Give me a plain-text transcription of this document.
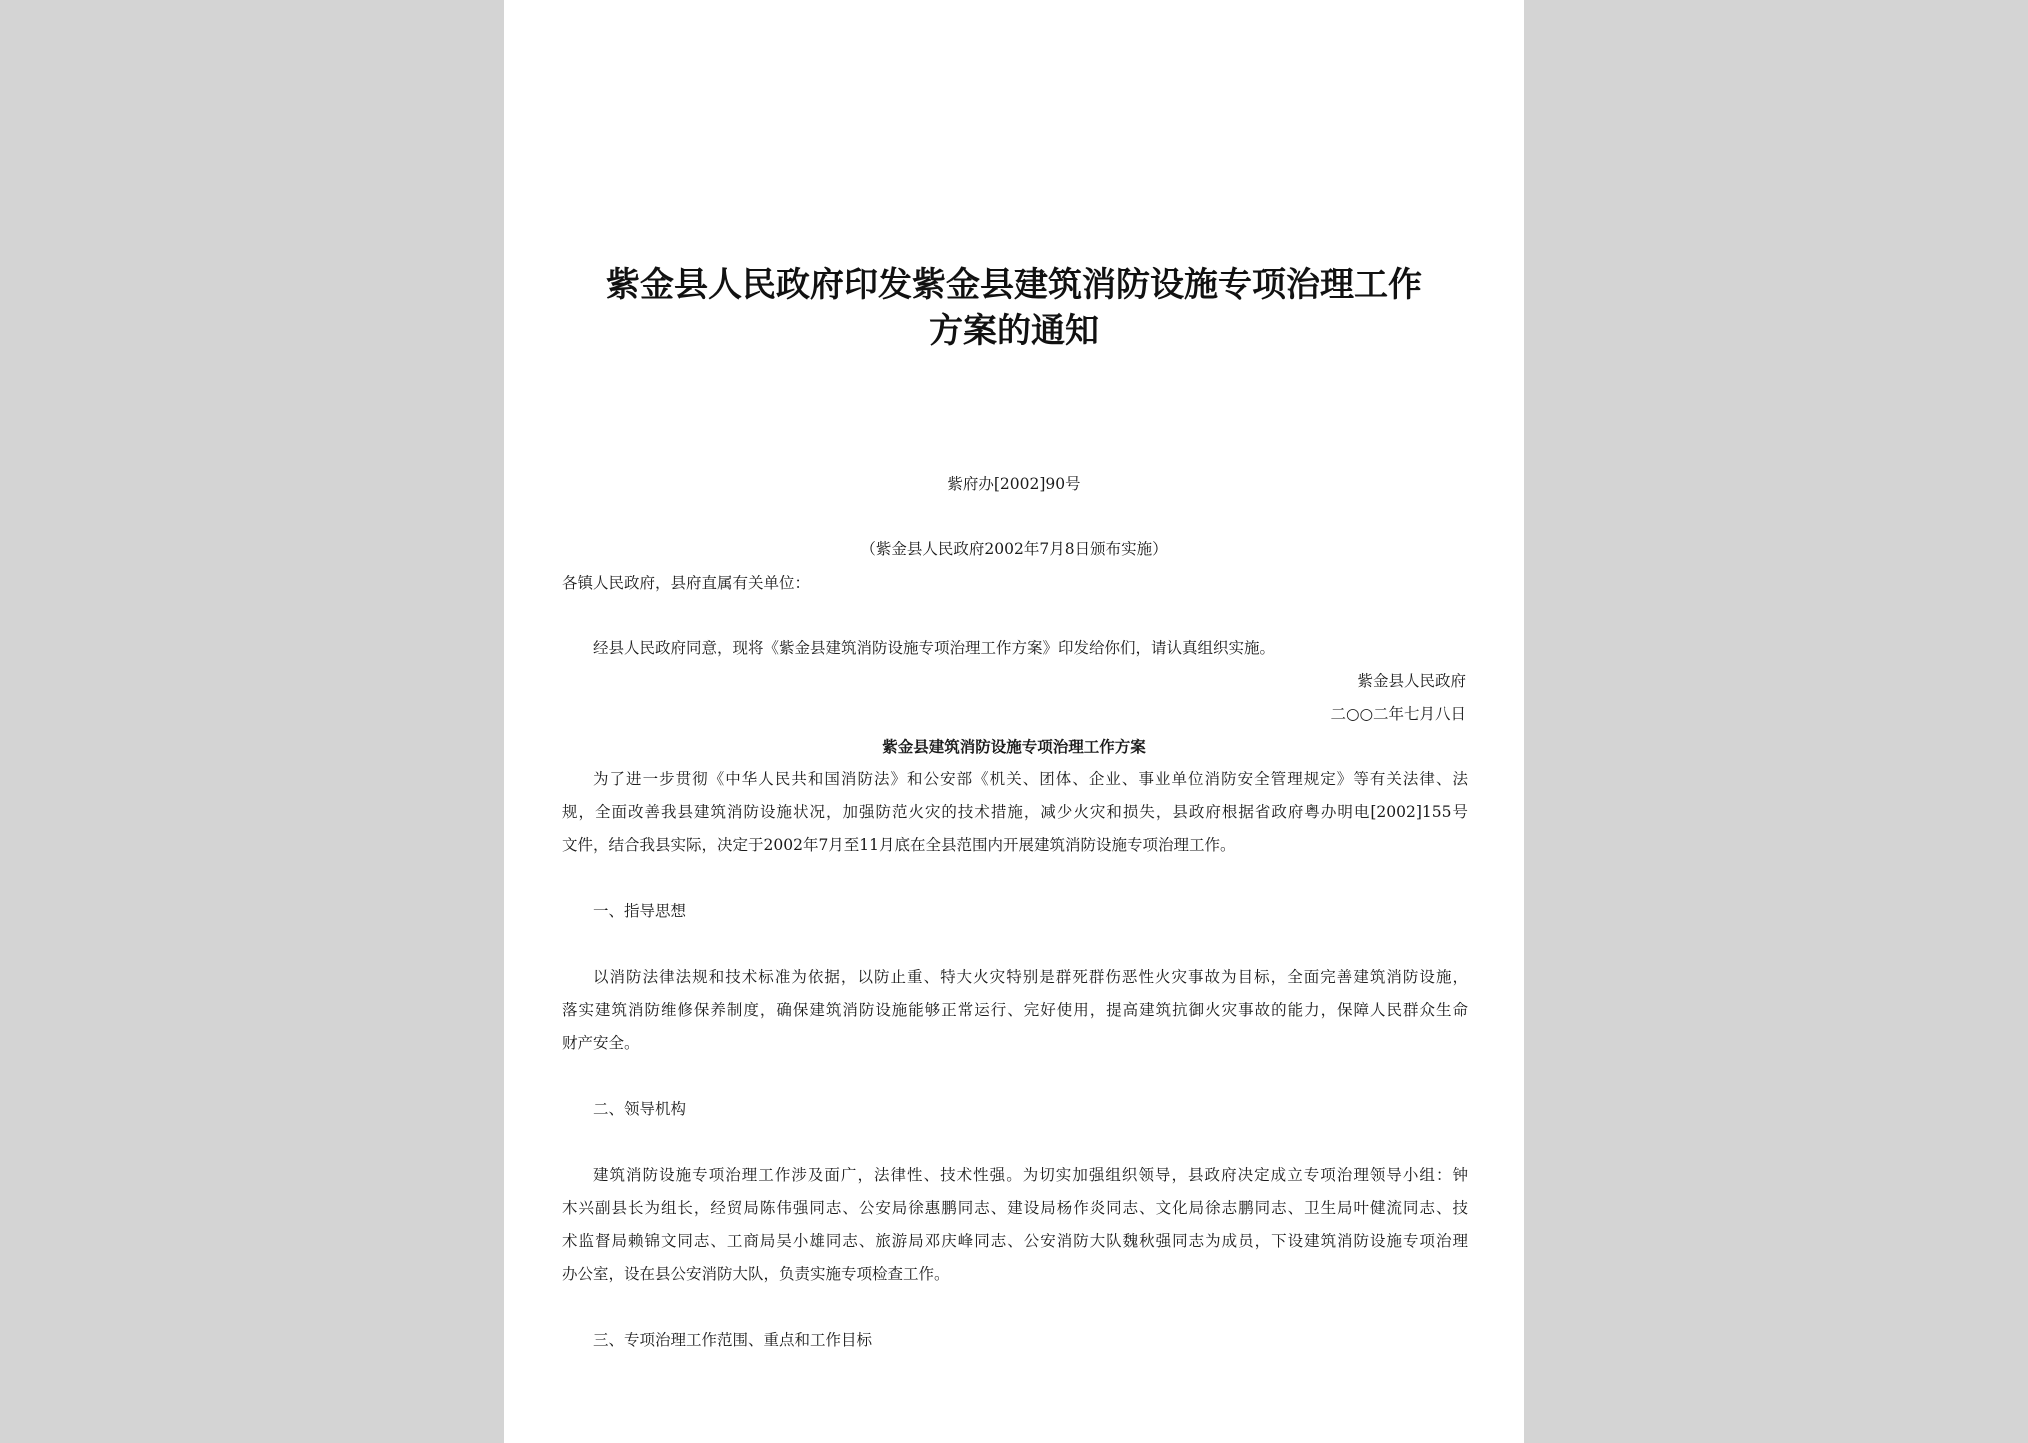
紫金县人民政府印发紫金县建筑消防设施专项治理工作
方案的通知
紫府办[2002]90号
（紫金县人民政府2002年7月8日颁布实施）
各镇人民政府，县府直属有关单位：
经县人民政府同意，现将《紫金县建筑消防设施专项治理工作方案》印发给你们，请认真组织实施。
紫金县人民政府
二○○二年七月八日
紫金县建筑消防设施专项治理工作方案
为了进一步贯彻《中华人民共和国消防法》和公安部《机关、团体、企业、事业单位消防安全管理规定》等有关法律、法
规，全面改善我县建筑消防设施状况，加强防范火灾的技术措施，减少火灾和损失，县政府根据省政府粤办明电[2002]155号
文件，结合我县实际，决定于2002年7月至11月底在全县范围内开展建筑消防设施专项治理工作。
一、指导思想
以消防法律法规和技术标准为依据，以防止重、特大火灾特别是群死群伤恶性火灾事故为目标，全面完善建筑消防设施，
落实建筑消防维修保养制度，确保建筑消防设施能够正常运行、完好使用，提高建筑抗御火灾事故的能力，保障人民群众生命
财产安全。
二、领导机构
建筑消防设施专项治理工作涉及面广，法律性、技术性强。为切实加强组织领导，县政府决定成立专项治理领导小组：钟
木兴副县长为组长，经贸局陈伟强同志、公安局徐惠鹏同志、建设局杨作炎同志、文化局徐志鹏同志、卫生局叶健流同志、技
术监督局赖锦文同志、工商局吴小雄同志、旅游局邓庆峰同志、公安消防大队魏秋强同志为成员，下设建筑消防设施专项治理
办公室，设在县公安消防大队，负责实施专项检查工作。
三、专项治理工作范围、重点和工作目标
